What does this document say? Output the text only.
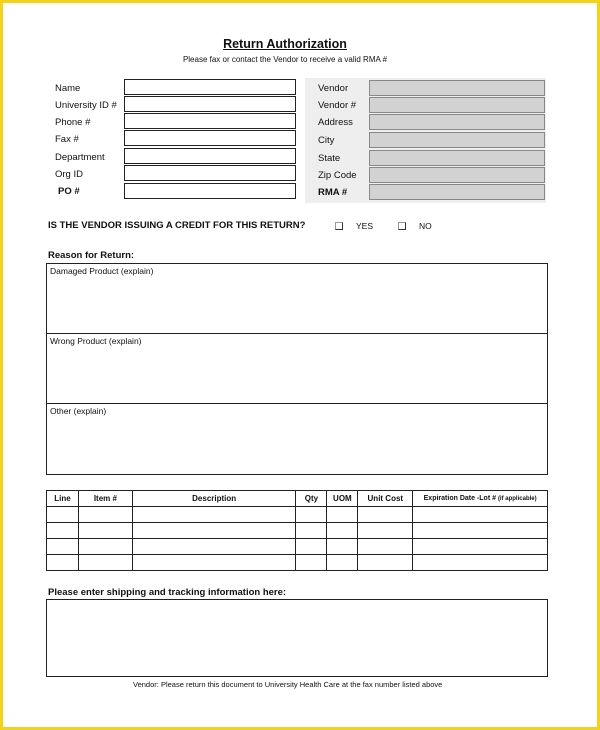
Return Authorization
Please fax or contact the Vendor to receive a valid RMA #
Name
University ID #
Phone #
Fax #
Department
Org ID
PO #
Vendor
Vendor #
Address
City
State
Zip Code
RMA #
IS THE VENDOR ISSUING A CREDIT FOR THIS RETURN?	YES	NO
Reason for Return:
Damaged Product (explain)
Wrong Product (explain)
Other (explain)
Line	Item #	Description	Qty	UOM	Unit Cost	Expiration Date -Lot # (if applicable)

Please enter shipping and tracking information here:
Vendor: Please return this document to University Health Care at the fax number listed above
